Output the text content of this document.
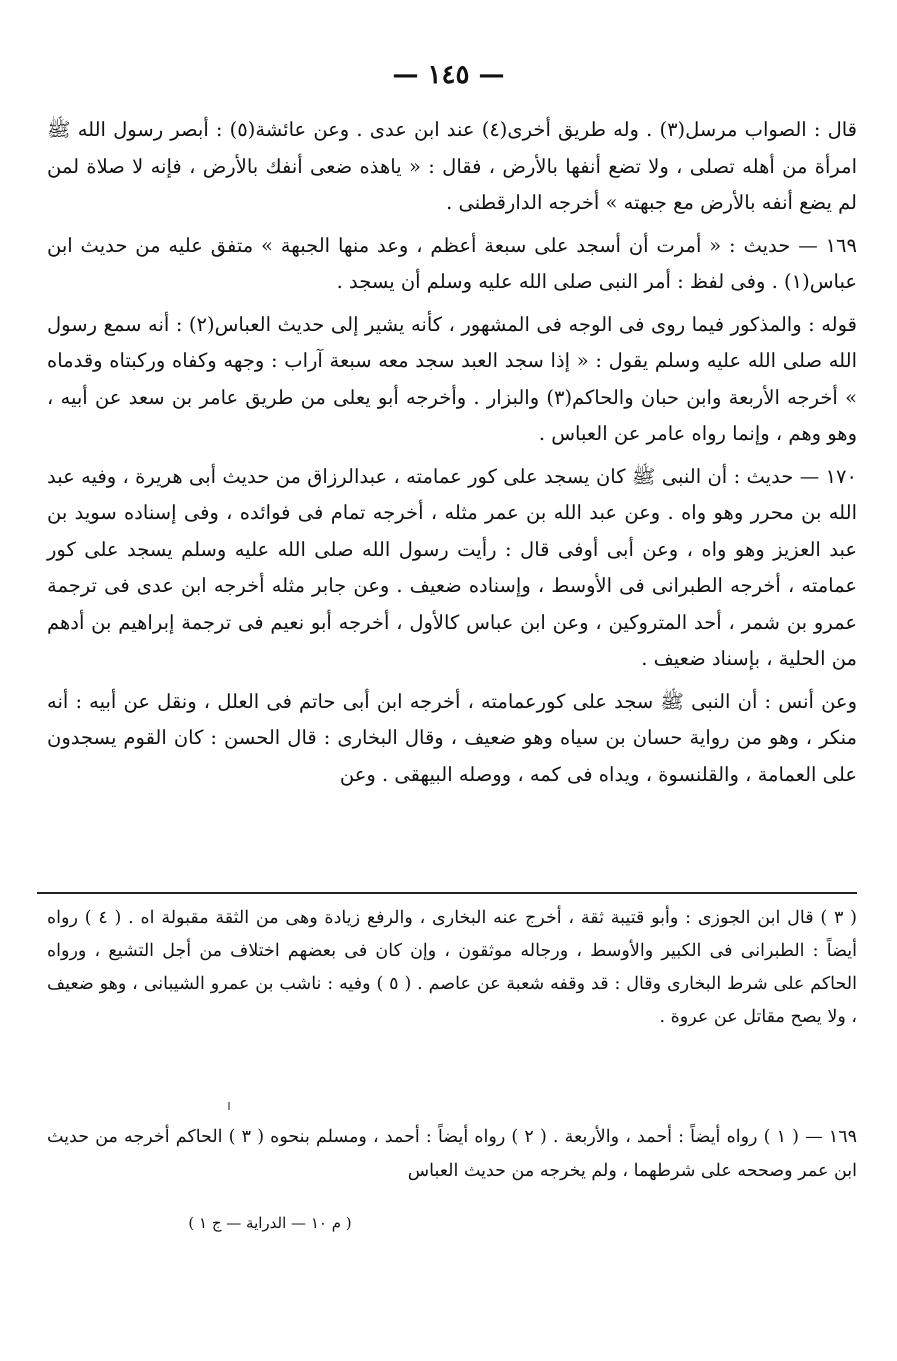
— ١٤٥ —

قال : الصواب مرسل(٣) . وله طريق أخرى(٤) عند ابن عدى . وعن عائشة(٥) : أبصر رسول الله ﷺ امرأة من أهله تصلى ، ولا تضع أنفها بالأرض ، فقال : « ياهذه ضعى أنفك بالأرض ، فإنه لا صلاة لمن لم يضع أنفه بالأرض مع جبهته » أخرجه الدارقطنى .

١٦٩ — حديث : « أمرت أن أسجد على سبعة أعظم ، وعد منها الجبهة » متفق عليه من حديث ابن عباس(١) . وفى لفظ : أمر النبى صلى الله عليه وسلم أن يسجد .

قوله : والمذكور فيما روى فى الوجه فى المشهور ، كأنه يشير إلى حديث العباس(٢) : أنه سمع رسول الله صلى الله عليه وسلم يقول : « إذا سجد العبد سجد معه سبعة آراب : وجهه وكفاه وركبتاه وقدماه » أخرجه الأربعة وابن حبان والحاكم(٣) والبزار . وأخرجه أبو يعلى من طريق عامر بن سعد عن أبيه ، وهو وهم ، وإنما رواه عامر عن العباس .

١٧٠ — حديث : أن النبى ﷺ كان يسجد على كور عمامته ، عبدالرزاق من حديث أبى هريرة ، وفيه عبد الله بن محرر وهو واه . وعن عبد الله بن عمر مثله ، أخرجه تمام فى فوائده ، وفى إسناده سويد بن عبد العزيز وهو واه ، وعن أبى أوفى قال : رأيت رسول الله صلى الله عليه وسلم يسجد على كور عمامته ، أخرجه الطبرانى فى الأوسط ، وإسناده ضعيف . وعن جابر مثله أخرجه ابن عدى فى ترجمة عمرو بن شمر ، أحد المتروكين ، وعن ابن عباس كالأول ، أخرجه أبو نعيم فى ترجمة إبراهيم بن أدهم من الحلية ، بإسناد ضعيف .

وعن أنس : أن النبى ﷺ سجد على كورعمامته ، أخرجه ابن أبى حاتم فى العلل ، ونقل عن أبيه : أنه منكر ، وهو من رواية حسان بن سياه وهو ضعيف ، وقال البخارى : قال الحسن : كان القوم يسجدون على العمامة ، والقلنسوة ، ويداه فى كمه ، ووصله البيهقى . وعن

( ٣ ) قال ابن الجوزى : وأبو قتيبة ثقة ، أخرج عنه البخارى ، والرفع زيادة وهى من الثقة مقبولة اه . ( ٤ ) رواه أيضاً : الطبرانى فى الكبير والأوسط ، ورجاله موثقون ، وإن كان فى بعضهم اختلاف من أجل التشيع ، ورواه الحاكم على شرط البخارى وقال : قد وقفه شعبة عن عاصم . ( ٥ ) وفيه : ناشب بن عمرو الشيبانى ، وهو ضعيف ، ولا يصح مقاتل عن عروة .
١٦٩ — ( ١ ) رواه أيضاً : أحمد ، والأربعة . ( ٢ ) رواه أيضاً : أحمد ، ومسلم بنحوه ( ٣ ) الحاكم أخرجه من حديث ابن عمر وصححه على شرطهما ، ولم يخرجه من حديث العباس
( م ١٠ — الدراية — ج ١ )
